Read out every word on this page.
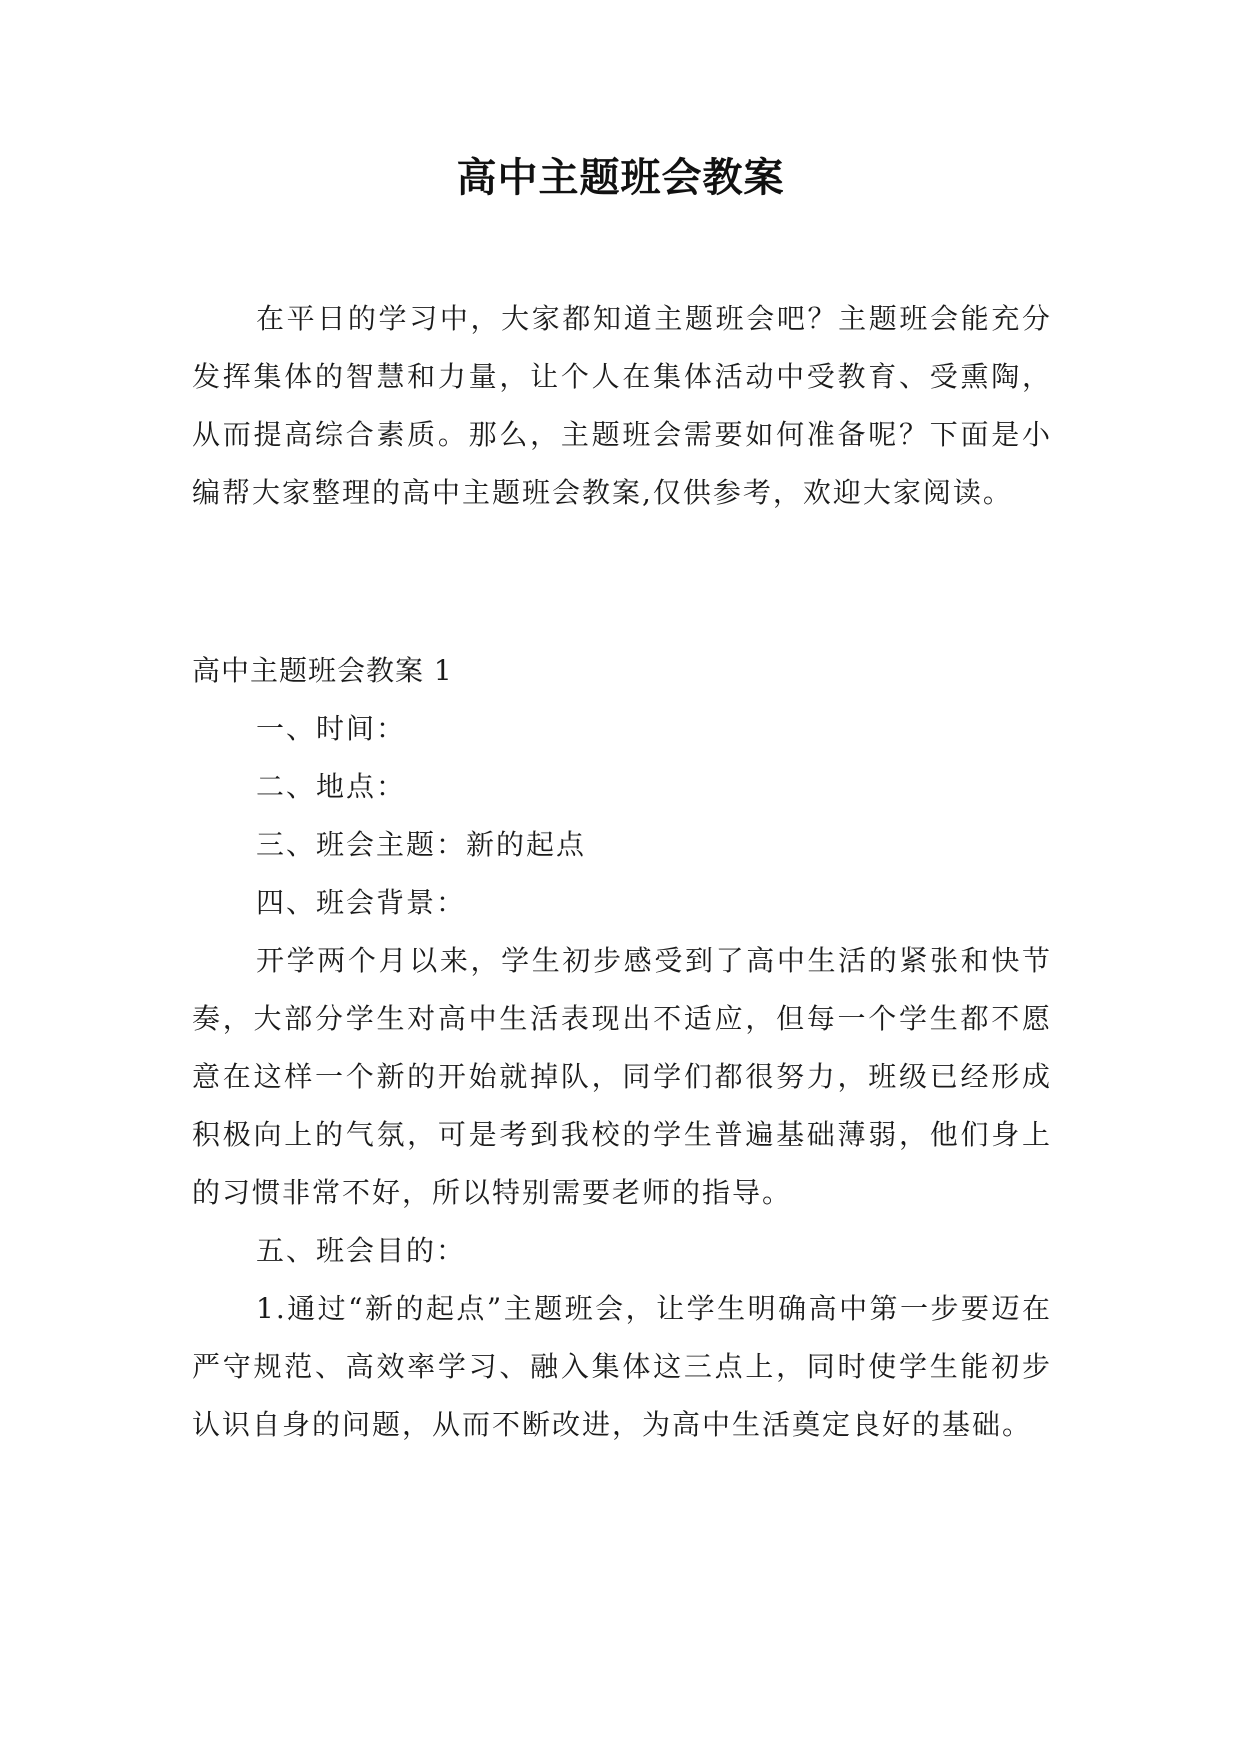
高中主题班会教案

在平日的学习中，大家都知道主题班会吧？主题班会能充分发挥集体的智慧和力量，让个人在集体活动中受教育、受熏陶，从而提高综合素质。那么，主题班会需要如何准备呢？下面是小编帮大家整理的高中主题班会教案,仅供参考，欢迎大家阅读。

高中主题班会教案 1

一、时间：

二、地点：

三、班会主题：新的起点

四、班会背景：

开学两个月以来，学生初步感受到了高中生活的紧张和快节奏，大部分学生对高中生活表现出不适应，但每一个学生都不愿意在这样一个新的开始就掉队，同学们都很努力，班级已经形成积极向上的气氛，可是考到我校的学生普遍基础薄弱，他们身上的习惯非常不好，所以特别需要老师的指导。

五、班会目的：

1.通过“新的起点”主题班会，让学生明确高中第一步要迈在严守规范、高效率学习、融入集体这三点上，同时使学生能初步认识自身的问题，从而不断改进，为高中生活奠定良好的基础。
